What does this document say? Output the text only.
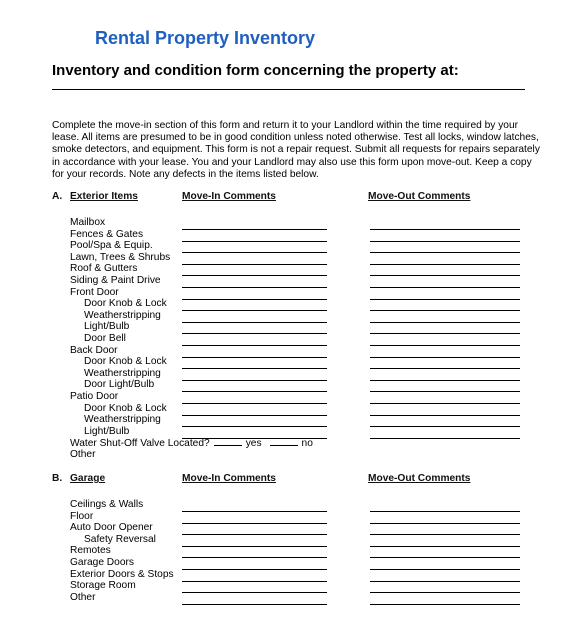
Rental Property Inventory
Inventory and condition form concerning the property at:
Complete the move-in section of this form and return it to your Landlord within the time required by your lease. All items are presumed to be in good condition unless noted otherwise. Test all locks, window latches, smoke detectors, and equipment. This form is not a repair request. Submit all requests for repairs separately in accordance with your lease. You and your Landlord may also use this form upon move-out. Keep a copy for your records. Note any defects in the items listed below.
A. Exterior Items	Move-In Comments	Move-Out Comments
Mailbox
Fences & Gates
Pool/Spa & Equip.
Lawn, Trees & Shrubs
Roof & Gutters
Siding & Paint Drive
Front Door
Door Knob & Lock
Weatherstripping
Light/Bulb
Door Bell
Back Door
Door Knob & Lock
Weatherstripping
Door Light/Bulb
Patio Door
Door Knob & Lock
Weatherstripping
Light/Bulb
Water Shut-Off Valve Located?	yes	no
Other
B. Garage	Move-In Comments	Move-Out Comments
Ceilings & Walls
Floor
Auto Door Opener
Safety Reversal
Remotes
Garage Doors
Exterior Doors & Stops
Storage Room
Other
